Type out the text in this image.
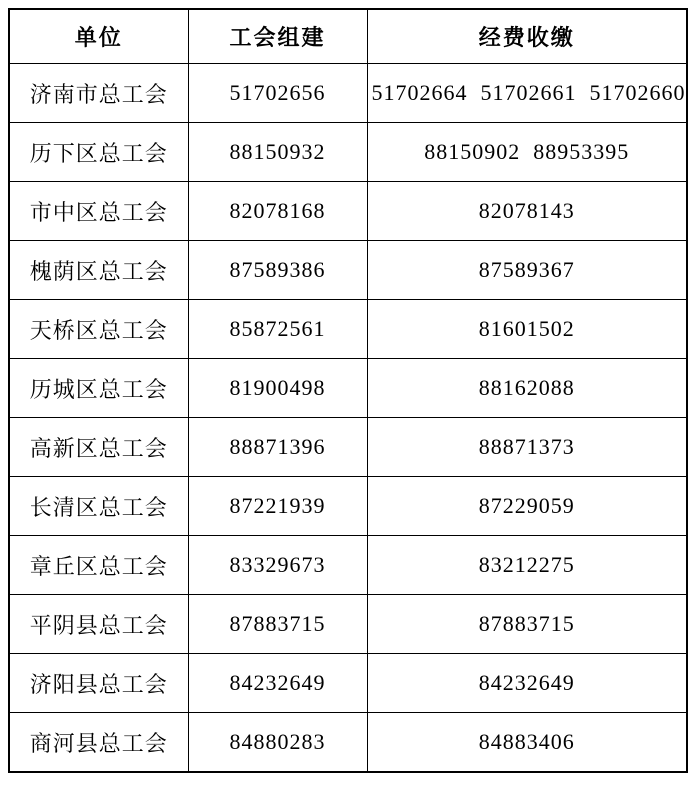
单位	工会组建	经费收缴
济南市总工会	51702656	51702664  51702661  51702660
历下区总工会	88150932	88150902  88953395
市中区总工会	82078168	82078143
槐荫区总工会	87589386	87589367
天桥区总工会	85872561	81601502
历城区总工会	81900498	88162088
高新区总工会	88871396	88871373
长清区总工会	87221939	87229059
章丘区总工会	83329673	83212275
平阴县总工会	87883715	87883715
济阳县总工会	84232649	84232649
商河县总工会	84880283	84883406
